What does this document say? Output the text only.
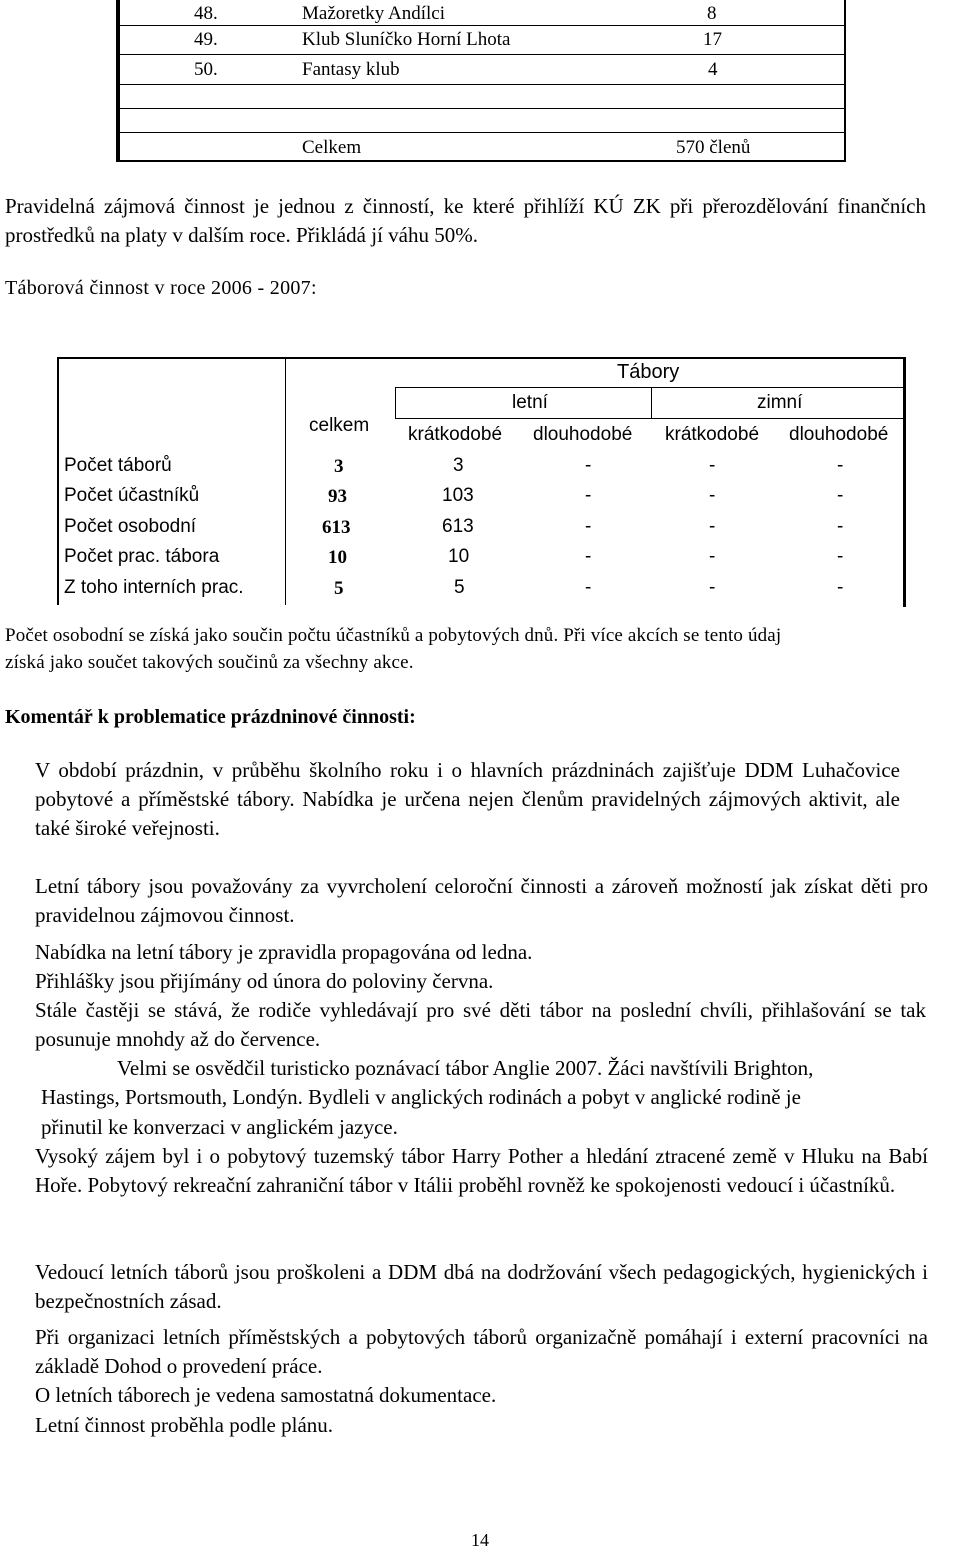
48.	Mažoretky Andílci	8
49.	Klub Sluníčko Horní Lhota	17
50.	Fantasy klub	4
Celkem	570 členů
Pravidelná zájmová činnost je jednou z činností, ke které přihlíží KÚ ZK při přerozdělování finančních prostředků na platy v dalším roce. Přikládá jí váhu 50%.
Táborová činnost v roce 2006 - 2007:
Tábory
letní	zimní
celkem krátkodobé dlouhodobé krátkodobé dlouhodobé
Počet táborů	3	3	-	-	-
Počet účastníků	93	103	-	-	-
Počet osobodní	613	613	-	-	-
Počet prac. tábora	10	10	-	-	-
Z toho interních prac.	5	5	-	-	-
Počet osobodní se získá jako součin počtu účastníků a pobytových dnů. Při více akcích se tento údaj
získá jako součet takových součinů za všechny akce.
Komentář k problematice prázdninové činnosti:
V období prázdnin, v průběhu školního roku i o hlavních prázdninách zajišťuje DDM Luhačovice pobytové a příměstské tábory. Nabídka je určena nejen členům pravidelných zájmových aktivit, ale také široké veřejnosti.
Letní tábory jsou považovány za vyvrcholení celoroční činnosti a zároveň možností jak získat děti pro pravidelnou zájmovou činnost.
Nabídka na letní tábory je zpravidla propagována od ledna.
Přihlášky jsou přijímány od února do poloviny června.
Stále častěji se stává, že rodiče vyhledávají pro své děti tábor na poslední chvíli, přihlašování se tak posunuje mnohdy až do července.
Velmi se osvědčil turisticko poznávací tábor Anglie 2007. Žáci navštívili Brighton,
Hastings, Portsmouth, Londýn. Bydleli v anglických rodinách a pobyt v anglické rodině je
přinutil ke konverzaci v anglickém jazyce.
Vysoký zájem byl i o pobytový tuzemský tábor Harry Pother a hledání ztracené země v Hluku na Babí Hoře. Pobytový rekreační zahraniční tábor v Itálii proběhl rovněž ke spokojenosti vedoucí i účastníků.
Vedoucí letních táborů jsou proškoleni a DDM dbá na dodržování všech pedagogických, hygienických i bezpečnostních zásad.
Při organizaci letních příměstských a pobytových táborů organizačně pomáhají i externí pracovníci na základě Dohod o provedení práce.
O letních táborech je vedena samostatná dokumentace.
Letní činnost proběhla podle plánu.
14
